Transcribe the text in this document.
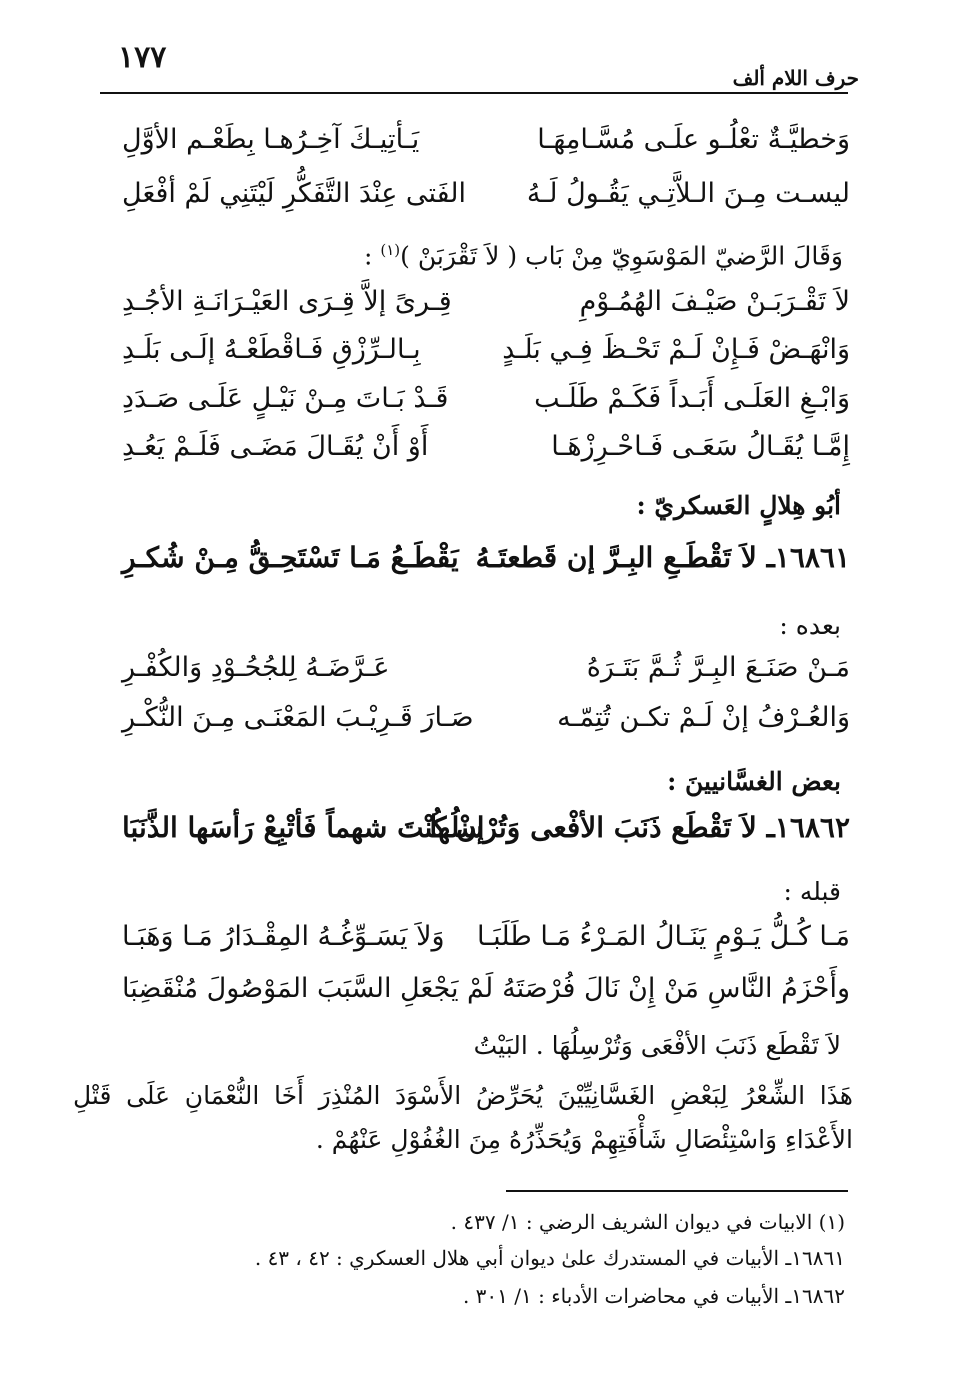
١٧٧
حرف اللام ألف
وَخطيَّـةٌ تعْلُـو علَـى مُسَّـامِهَـا
يَـأتِيـكَ آخِـرُهـا بِطَعْـم الأوَّلِ
ليسـت مِـنَ الـلاَّتِـي يَقُـولُ لَـهُ
الفَتى عِنْدَ التَّفَكُّرِ لَيْتَنِي لَمْ أفْعَلِ
وَقَالَ الرَّضيّ المَوْسَوِيّ مِنْ بَاب ( لاَ تَقْرَبَنْ )$^{(١)}$ :
لاَ تَقْـرَبَـنْ صَيْـفَ الهُمُـوْمِ
قِـرىً إلاَّ قِـرَى العَيْـرَانَـةِ الأجُـدِ
وَانْهَـضْ فَـإِنْ لَـمْ تَحْـظَ فِـي بَلَـدٍ
بِـالـرِّزْقِ فَـاقْطَعْـهُ إلَـى بَلَـدِ
وَابْـغِ العَلَـى أَبَـداً فَكَـمْ طَلَـب
قَـدْ بَـاتَ مِـنْ نَيْـلٍ عَلَـى صَـدَدِ
إِمَّـا يُقَـالُ سَعَـى فَـاحْـرِزْهَـا
أَوْ أَنْ يُقَـالَ مَضَـى فَلَـمْ يَعُـدِ
أبُو هِلالٍ العَسكريّ :
١٦٨٦١ـ لاَ تَقْطَـعِ البِـرَّ إن قَطعتَـهُ
يَقْطَـعُ مَـا تَسْتَحِـقُّ مِـنْ شُكـرِ
بعده :
مَـنْ صَنَـعَ البِـرَّ ثُـمَّ بَتَـرَهُ
عَـرَّضَـهُ لِلجُحُـوْدِ وَالكُفْـرِ
وَالعُـرْفُ إنْ لَـمْ تكـن تُتِمّـه
صَـارَ قَـرِيْـبَ المَعْنَـى مِـنَ النُّكْـرِ
بعض الغسَّانيينَ :
١٦٨٦٢ـ لاَ تَقْطَع ذَنَبَ الأفْعى وَتُرْسلُها
إنْ كُنْتَ شهماً فَأتْبِعْ رَأسَها الذَّنَبَا
قبله :
مَـا كُـلُّ يَـوْمٍ يَنَـالُ المَـرْءُ مَـا طَلَبَـا
وَلاَ يَسَـوِّغُـهُ المِقْـدَارُ مَـا وَهَبَـا
وأَحْزَمُ النَّاسِ مَنْ إِنْ نَالَ فُرْصَتَهُ
لَمْ يَجْعَلِ السَّبَبَ المَوْصُولَ مُنْقَضِبَا
لاَ تَقْطَع ذَنَبَ الأفْعَى وَتُرْسِلُهَا . البَيْتُ
هَذَا الشِّعْرُ لِبَعْضِ الغَسَّانِيِّيْنَ يُحَرِّضُ الأَسْوَدَ المُنْذِرَ أَخَا النُّعْمَانِ عَلَى قَتْلِ الأَعْدَاءِ وَاسْتِئْصَالِ شَأْفَتِهِمْ وَيُحَذِّرُهُ مِنَ الغُفُوْلِ عَنْهُمْ .
(١) الابيات في ديوان الشريف الرضي : ١/ ٤٣٧ .
١٦٨٦١ـ الأبيات في المستدرك علىٰ ديوان أبي هلال العسكري : ٤٢ ، ٤٣ .
١٦٨٦٢ـ الأبيات في محاضرات الأدباء : ١/ ٣٠١ .
